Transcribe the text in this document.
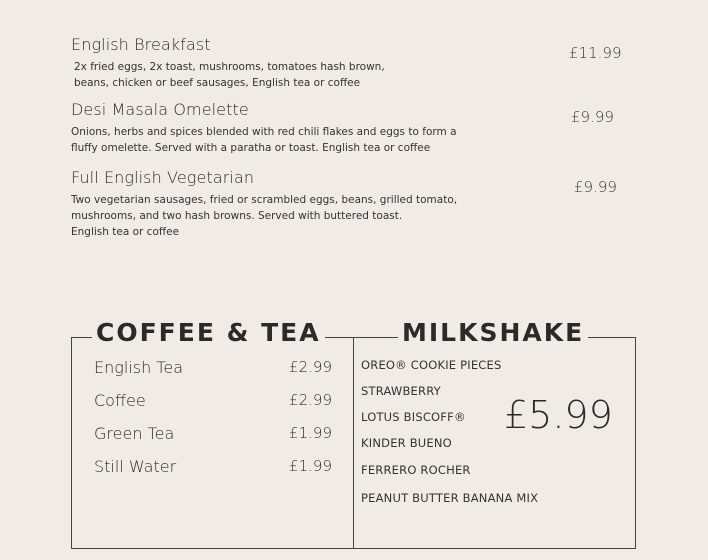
English Breakfast
2x fried eggs, 2x toast, mushrooms, tomatoes hash brown,
beans, chicken or beef sausages, English tea or coffee
£11.99
Desi Masala Omelette
Onions, herbs and spices blended with red chili flakes and eggs to form a
fluffy omelette. Served with a paratha or toast. English tea or coffee
£9.99
Full English Vegetarian
Two vegetarian sausages, fried or scrambled eggs, beans, grilled tomato,
mushrooms, and two hash browns. Served with buttered toast.
English tea or coffee
£9.99
COFFEE & TEA
English Tea	£2.99
Coffee	£2.99
Green Tea	£1.99
Still Water	£1.99
MILKSHAKE
OREO® COOKIE PIECES
STRAWBERRY
LOTUS BISCOFF®
KINDER BUENO
FERRERO ROCHER
PEANUT BUTTER BANANA MIX
£5.99
